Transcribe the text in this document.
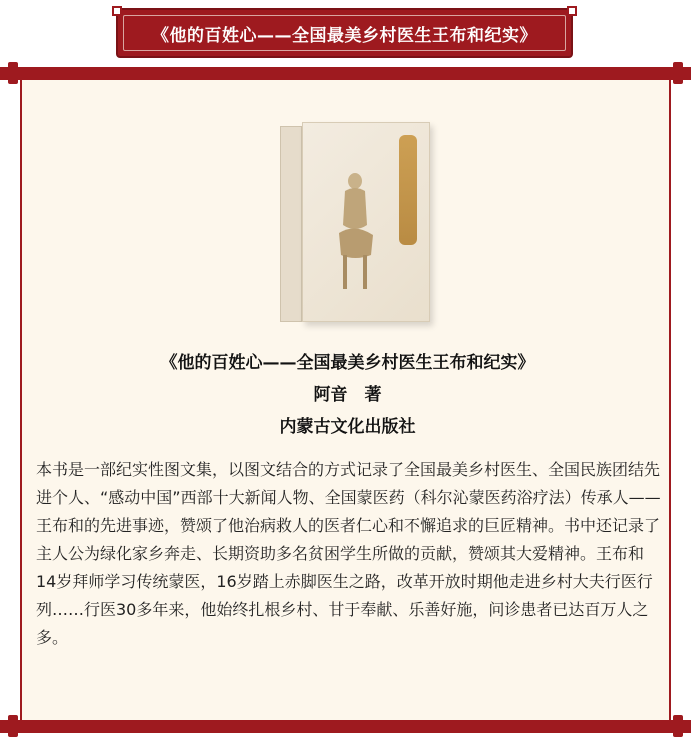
《他的百姓心——全国最美乡村医生王布和纪实》
《他的百姓心——全国最美乡村医生王布和纪实》
阿音　著
内蒙古文化出版社

本书是一部纪实性图文集，以图文结合的方式记录了全国最美乡村医生、全国民族团结先进个人、“感动中国”西部十大新闻人物、全国蒙医药（科尔沁蒙医药浴疗法）传承人——王布和的先进事迹，赞颂了他治病救人的医者仁心和不懈追求的巨匠精神。书中还记录了主人公为绿化家乡奔走、长期资助多名贫困学生所做的贡献，赞颂其大爱精神。王布和14岁拜师学习传统蒙医，16岁踏上赤脚医生之路，改革开放时期他走进乡村大夫行医行列……行医30多年来，他始终扎根乡村、甘于奉献、乐善好施，问诊患者已达百万人之多。
